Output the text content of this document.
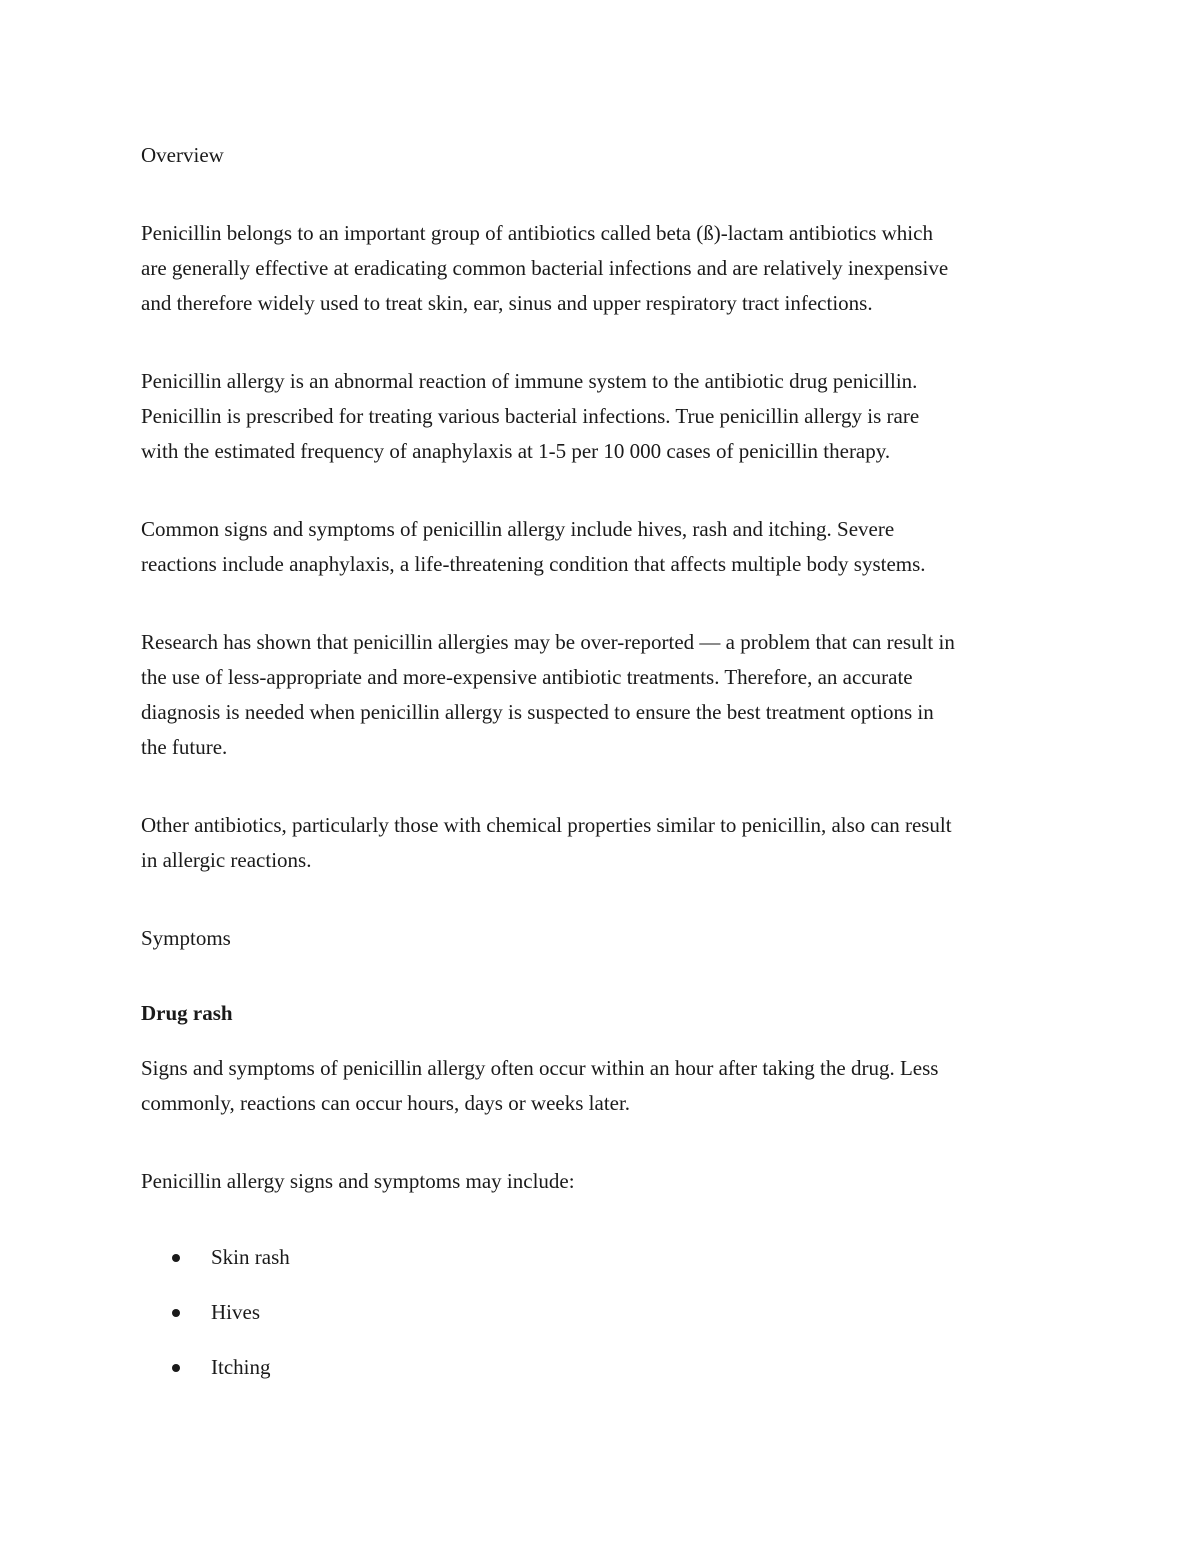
Overview

Penicillin belongs to an important group of antibiotics called beta (ß)-lactam antibiotics which

are generally effective at eradicating common bacterial infections and are relatively inexpensive

and therefore widely used to treat skin, ear, sinus and upper respiratory tract infections.

Penicillin allergy is an abnormal reaction of immune system to the antibiotic drug penicillin.

Penicillin is prescribed for treating various bacterial infections. True penicillin allergy is rare

with the estimated frequency of anaphylaxis at 1-5 per 10 000 cases of penicillin therapy.

Common signs and symptoms of penicillin allergy include hives, rash and itching. Severe

reactions include anaphylaxis, a life-threatening condition that affects multiple body systems.

Research has shown that penicillin allergies may be over-reported — a problem that can result in

the use of less-appropriate and more-expensive antibiotic treatments. Therefore, an accurate

diagnosis is needed when penicillin allergy is suspected to ensure the best treatment options in

the future.

Other antibiotics, particularly those with chemical properties similar to penicillin, also can result

in allergic reactions.

Symptoms

Drug rash

Signs and symptoms of penicillin allergy often occur within an hour after taking the drug. Less

commonly, reactions can occur hours, days or weeks later.

Penicillin allergy signs and symptoms may include:

Skin rash
Hives
Itching
